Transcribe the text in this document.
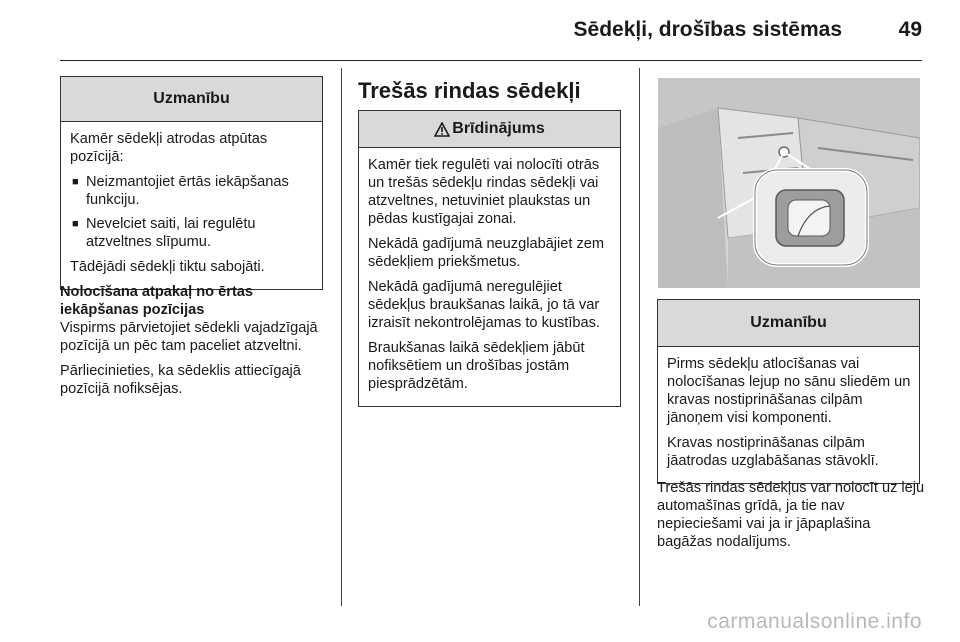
Sēdekļi, drošības sistēmas	49
Uzmanību

Kamēr sēdekļi atrodas atpūtas pozīcijā:

■ Neizmantojiet ērtās iekāpšanas funkciju.
■ Nevelciet saiti, lai regulētu atzveltnes slīpumu.

Tādējādi sēdekļi tiktu sabojāti.

Nolocīšana atpakaļ no ērtas iekāpšanas pozīcijas

Vispirms pārvietojiet sēdekli vajadzīgajā pozīcijā un pēc tam paceliet atzveltni.

Pārliecinieties, ka sēdeklis attiecīgajā pozīcijā nofiksējas.

Trešās rindas sēdekļi
Brīdinājums

Kamēr tiek regulēti vai nolocīti otrās un trešās sēdekļu rindas sēdekļi vai atzveltnes, netuviniet plaukstas un pēdas kustīgajai zonai.

Nekādā gadījumā neuzglabājiet zem sēdekļiem priekšmetus.

Nekādā gadījumā neregulējiet sēdekļus braukšanas laikā, jo tā var izraisīt nekontrolējamas to kustības.

Braukšanas laikā sēdekļiem jābūt nofiksētiem un drošības jostām piesprādzētām.

Uzmanību

Pirms sēdekļu atlocīšanas vai nolocīšanas lejup no sānu sliedēm un kravas nostiprināšanas cilpām jānoņem visi komponenti.

Kravas nostiprināšanas cilpām jāatrodas uzglabāšanas stāvoklī.

Trešās rindas sēdekļus var nolocīt uz leju automašīnas grīdā, ja tie nav nepieciešami vai ja ir jāpaplašina bagāžas nodalījums.

carmanualsonline.info
